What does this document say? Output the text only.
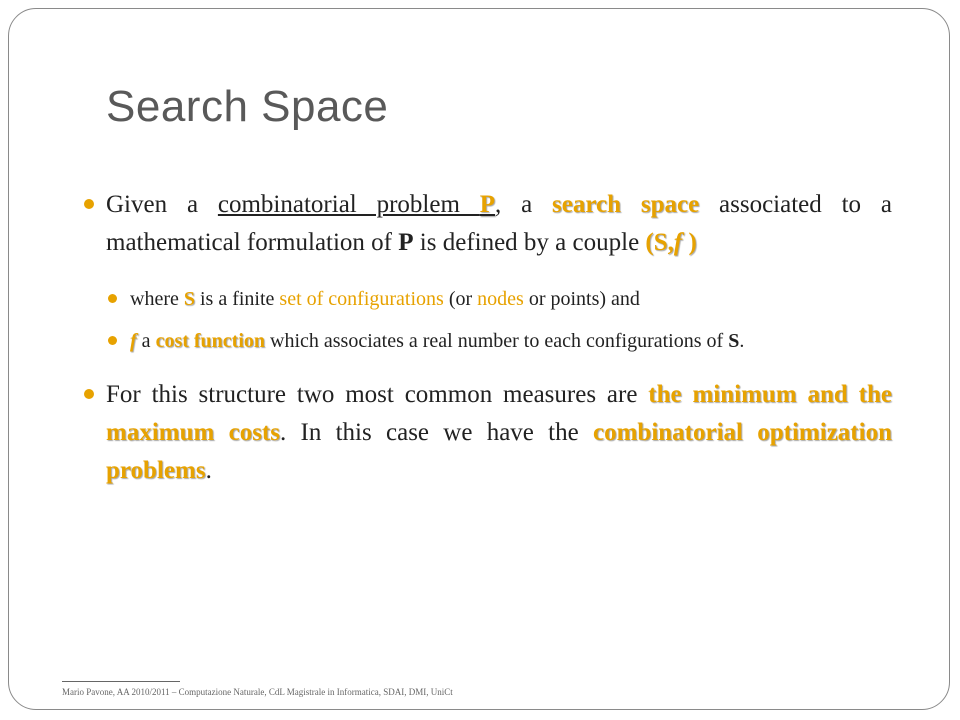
Search Space
Given a combinatorial problem P, a search space associated to a mathematical formulation of P is defined by a couple (S,f )
where S is a finite set of configurations (or nodes or points) and
f a cost function which associates a real number to each configurations of S.
For this structure two most common measures are the minimum and the maximum costs. In this case we have the combinatorial optimization problems.
Mario Pavone, AA 2010/2011 – Computazione Naturale, CdL Magistrale in Informatica, SDAI, DMI, UniCt
